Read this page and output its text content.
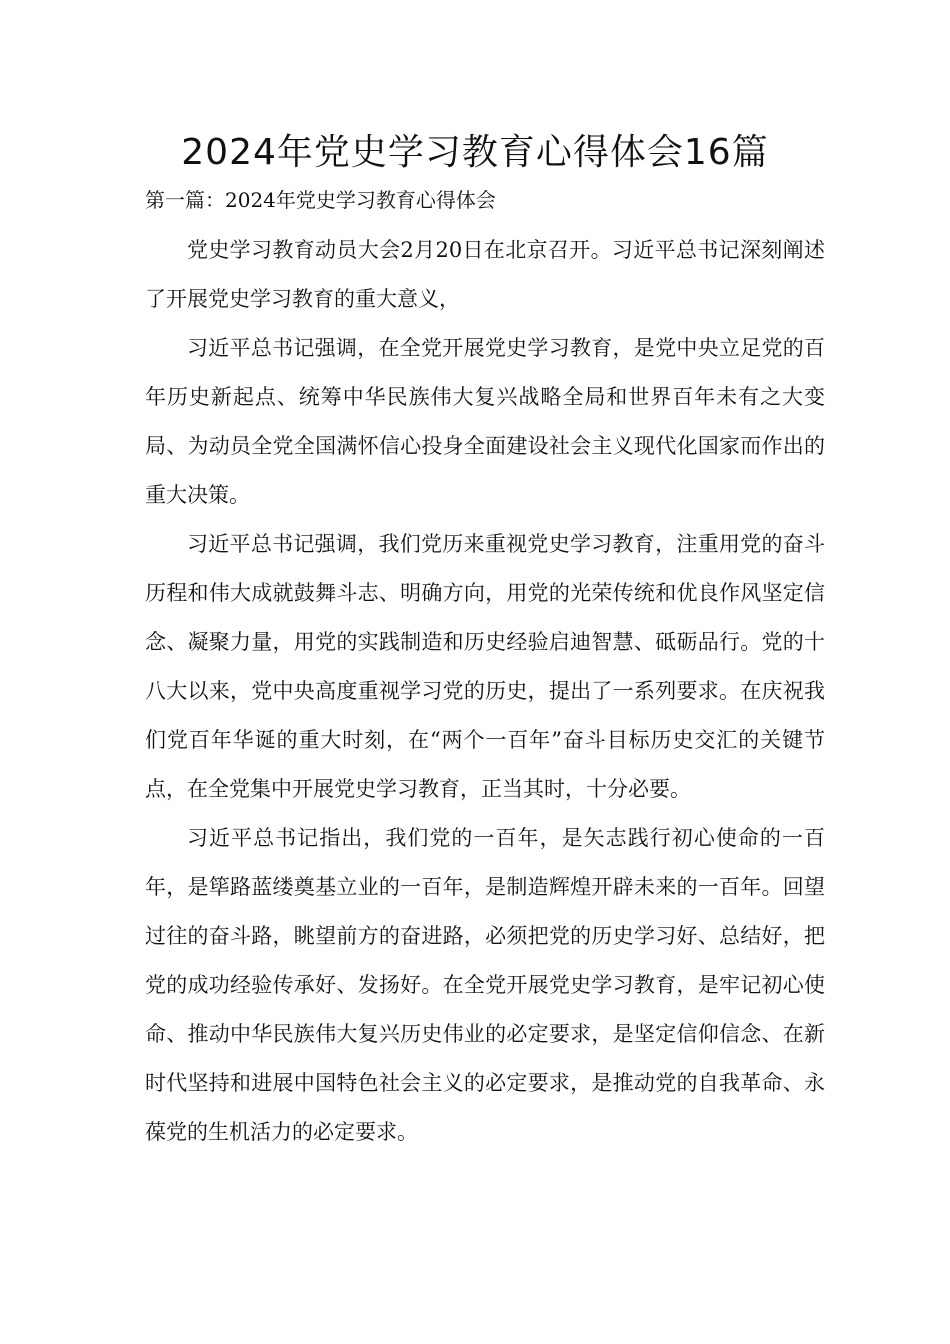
2024年党史学习教育心得体会16篇
第一篇：2024年党史学习教育心得体会

党史学习教育动员大会2月20日在北京召开。习近平总书记深刻阐述了开展党史学习教育的重大意义，

习近平总书记强调，在全党开展党史学习教育，是党中央立足党的百年历史新起点、统筹中华民族伟大复兴战略全局和世界百年未有之大变局、为动员全党全国满怀信心投身全面建设社会主义现代化国家而作出的重大决策。

习近平总书记强调，我们党历来重视党史学习教育，注重用党的奋斗历程和伟大成就鼓舞斗志、明确方向，用党的光荣传统和优良作风坚定信念、凝聚力量，用党的实践制造和历史经验启迪智慧、砥砺品行。党的十八大以来，党中央高度重视学习党的历史，提出了一系列要求。在庆祝我们党百年华诞的重大时刻，在“两个一百年”奋斗目标历史交汇的关键节点，在全党集中开展党史学习教育，正当其时，十分必要。

习近平总书记指出，我们党的一百年，是矢志践行初心使命的一百年，是筚路蓝缕奠基立业的一百年，是制造辉煌开辟未来的一百年。回望过往的奋斗路，眺望前方的奋进路，必须把党的历史学习好、总结好，把党的成功经验传承好、发扬好。在全党开展党史学习教育，是牢记初心使命、推动中华民族伟大复兴历史伟业的必定要求，是坚定信仰信念、在新时代坚持和进展中国特色社会主义的必定要求，是推动党的自我革命、永葆党的生机活力的必定要求。
